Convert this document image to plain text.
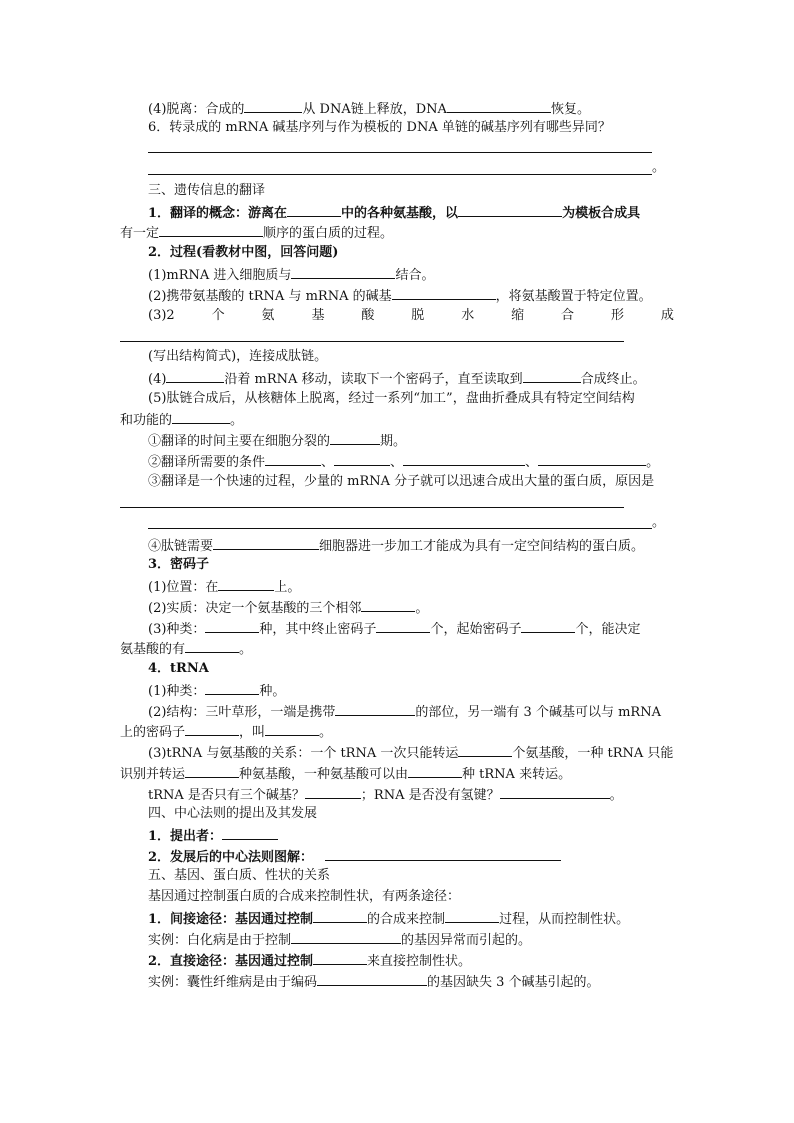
(4)脱离：合成的	从 DNA链上释放，DNA	恢复。
6．转录成的 mRNA 碱基序列与作为模板的 DNA 单链的碱基序列有哪些异同？
。
三、遗传信息的翻译
1．翻译的概念：游离在	中的各种氨基酸，以	为模板合成具
有一定	顺序的蛋白质的过程。
2．过程(看教材中图，回答问题)
(1)mRNA 进入细胞质与	结合。
(2)携带氨基酸的 tRNA 与 mRNA 的碱基	，将氨基酸置于特定位置。
(3)2	个	氨	基	酸	脱	水	缩	合	形	成
(写出结构简式)，连接成肽链。
(4)	沿着 mRNA 移动，读取下一个密码子，直至读取到	合成终止。
(5)肽链合成后，从核糖体上脱离，经过一系列“加工”，盘曲折叠成具有特定空间结构
和功能的	。
①翻译的时间主要在细胞分裂的	期。
②翻译所需要的条件	、	、	、	。
③翻译是一个快速的过程，少量的 mRNA 分子就可以迅速合成出大量的蛋白质，原因是
。
④肽链需要	细胞器进一步加工才能成为具有一定空间结构的蛋白质。
3．密码子
(1)位置：在	上。
(2)实质：决定一个氨基酸的三个相邻	。
(3)种类：	种，其中终止密码子	个，起始密码子	个，能决定
氨基酸的有	。
4．tRNA
(1)种类：	种。
(2)结构：三叶草形，一端是携带	的部位，另一端有 3 个碱基可以与 mRNA
上的密码子	，叫	。
(3)tRNA 与氨基酸的关系：一个 tRNA 一次只能转运	个氨基酸，一种 tRNA 只能
识别并转运	种氨基酸，一种氨基酸可以由	种 tRNA 来转运。
tRNA 是否只有三个碱基？	；RNA 是否没有氢键？	。
四、中心法则的提出及其发展
1．提出者：
2．发展后的中心法则图解：
五、基因、蛋白质、性状的关系
基因通过控制蛋白质的合成来控制性状，有两条途径：
1．间接途径：基因通过控制	的合成来控制	过程，从而控制性状。
实例：白化病是由于控制	的基因异常而引起的。
2．直接途径：基因通过控制	来直接控制性状。
实例：囊性纤维病是由于编码	的基因缺失 3 个碱基引起的。
